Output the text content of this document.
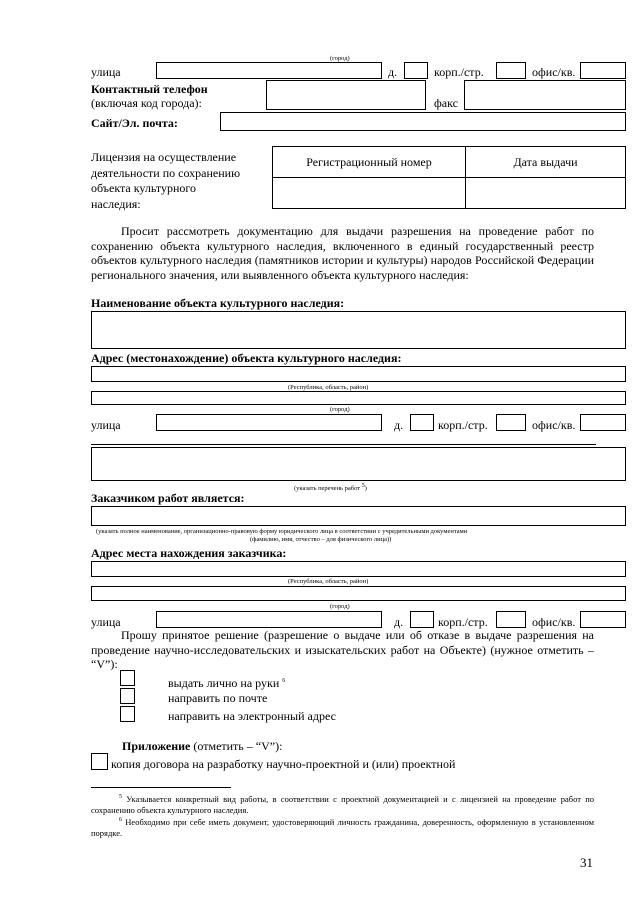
(город)
улица	д.	корп./стр.	офис/кв.
Контактный телефон
(включая код города):	факс
Сайт/Эл. почта:
Лицензия на осуществление
деятельности по сохранению
объекта культурного
наследия:
Регистрационный номер	Дата выдачи

Просит рассмотреть документацию для выдачи разрешения на проведение работ по сохранению объекта культурного наследия, включенного в единый государственный реестр объектов культурного наследия (памятников истории и культуры) народов Российской Федерации регионального значения, или выявленного объекта культурного наследия:
Наименование объекта культурного наследия:
Адрес (местонахождение) объекта культурного наследия:
(Республика, область, район)
(город)
улица	д.	корп./стр.	офис/кв.
(указать перечень работ 5)
Заказчиком работ является:
(указать полное наименование, организационно-правовую форму юридического лица в соответствии с учредительными документами
(фамилию, имя, отчество – для физического лица))
Адрес места нахождения заказчика:
(Республика, область, район)
(город)
улица	д.	корп./стр.	офис/кв.
Прошу принятое решение (разрешение о выдаче или об отказе в выдаче разрешения на проведение научно-исследовательских и изыскательских работ на Объекте) (нужное отметить – “V”):
выдать лично на руки $^6$
направить по почте
направить на электронный адрес
Приложение (отметить – “V”):
копия договора на разработку научно-проектной и (или) проектной
$^5$ Указывается конкретный вид работы, в соответствии с проектной документацией и с лицензией на проведение работ по сохранению объекта культурного наследия.
$^6$ Необходимо при себе иметь документ, удостоверяющий личность гражданина, доверенность, оформленную в установленном порядке.
31
